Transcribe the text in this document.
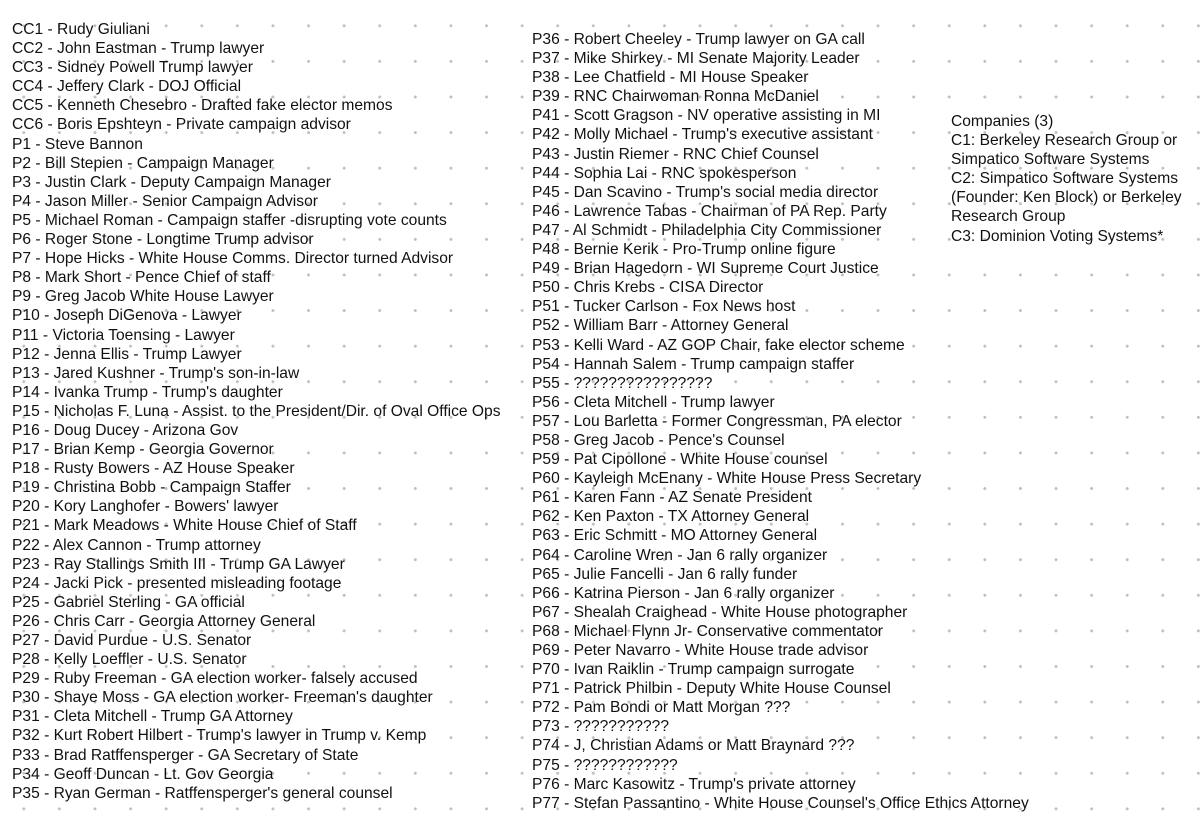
CC1 - Rudy Giuliani
CC2 - John Eastman - Trump lawyer
CC3 - Sidney Powell Trump lawyer
CC4 - Jeffery Clark - DOJ Official
CC5 - Kenneth Chesebro - Drafted fake elector memos
CC6 - Boris Epshteyn - Private campaign advisor
P1 - Steve Bannon
P2 - Bill Stepien - Campaign Manager
P3 - Justin Clark - Deputy Campaign Manager
P4 - Jason Miller - Senior Campaign Advisor
P5 - Michael Roman - Campaign staffer -disrupting vote counts
P6 - Roger Stone - Longtime Trump advisor
P7 - Hope Hicks - White House Comms. Director turned Advisor
P8 - Mark Short - Pence Chief of staff
P9 - Greg Jacob White House Lawyer
P10 - Joseph DiGenova - Lawyer
P11 - Victoria Toensing - Lawyer
P12 - Jenna Ellis - Trump Lawyer
P13 - Jared Kushner - Trump's son-in-law
P14 - Ivanka Trump - Trump's daughter
P15 - Nicholas F. Luna - Assist. to the President/Dir. of Oval Office Ops
P16 - Doug Ducey - Arizona Gov
P17 - Brian Kemp - Georgia Governor
P18 - Rusty Bowers - AZ House Speaker
P19 - Christina Bobb - Campaign Staffer
P20 - Kory Langhofer - Bowers' lawyer
P21 - Mark Meadows - White House Chief of Staff
P22 - Alex Cannon - Trump attorney
P23 - Ray Stallings Smith III - Trump GA Lawyer
P24 - Jacki Pick - presented misleading footage
P25 - Gabriel Sterling - GA official
P26 - Chris Carr - Georgia Attorney General
P27 - David Purdue - U.S. Senator
P28 - Kelly Loeffler - U.S. Senator
P29 - Ruby Freeman - GA election worker- falsely accused
P30 - Shaye Moss - GA election worker- Freeman's daughter
P31 - Cleta Mitchell - Trump GA Attorney
P32 - Kurt Robert Hilbert - Trump's lawyer in Trump v. Kemp
P33 - Brad Ratffensperger - GA Secretary of State
P34 - Geoff Duncan - Lt. Gov Georgia
P35 - Ryan German - Ratffensperger's general counsel
P36 - Robert Cheeley - Trump lawyer on GA call
P37 - Mike Shirkey - MI Senate Majority Leader
P38 - Lee Chatfield - MI House Speaker
P39 - RNC Chairwoman Ronna McDaniel
P41 - Scott Gragson - NV operative assisting in MI
P42 - Molly Michael - Trump's executive assistant
P43 - Justin Riemer - RNC Chief Counsel
P44 - Sophia Lai - RNC spokesperson
P45 - Dan Scavino - Trump's social media director
P46 - Lawrence Tabas - Chairman of PA Rep. Party
P47 - Al Schmidt - Philadelphia City Commissioner
P48 - Bernie Kerik - Pro-Trump online figure
P49 - Brian Hagedorn - WI Supreme Court Justice
P50 - Chris Krebs - CISA Director
P51 - Tucker Carlson - Fox News host
P52 - William Barr - Attorney General
P53 - Kelli Ward - AZ GOP Chair, fake elector scheme
P54 - Hannah Salem - Trump campaign staffer
P55 - ????????????????
P56 - Cleta Mitchell - Trump lawyer
P57 - Lou Barletta - Former Congressman, PA elector
P58 - Greg Jacob - Pence's Counsel
P59 - Pat Cipollone - White House counsel
P60 - Kayleigh McEnany - White House Press Secretary
P61 - Karen Fann - AZ Senate President
P62 - Ken Paxton - TX Attorney General
P63 - Eric Schmitt - MO Attorney General
P64 - Caroline Wren - Jan 6 rally organizer
P65 - Julie Fancelli - Jan 6 rally funder
P66 - Katrina Pierson - Jan 6 rally organizer
P67 - Shealah Craighead - White House photographer
P68 - Michael Flynn Jr- Conservative commentator
P69 - Peter Navarro - White House trade advisor
P70 - Ivan Raiklin - Trump campaign surrogate
P71 - Patrick Philbin - Deputy White House Counsel
P72 - Pam Bondi or Matt Morgan ???
P73 - ???????????
P74 - J, Christian Adams or Matt Braynard ???
P75 - ????????????
P76 - Marc Kasowitz - Trump's private attorney
P77 - Stefan Passantino - White House Counsel's Office Ethics Attorney
Companies (3)
C1: Berkeley Research Group or
Simpatico Software Systems
C2: Simpatico Software Systems
(Founder: Ken Block) or Berkeley
Research Group
C3: Dominion Voting Systems*
